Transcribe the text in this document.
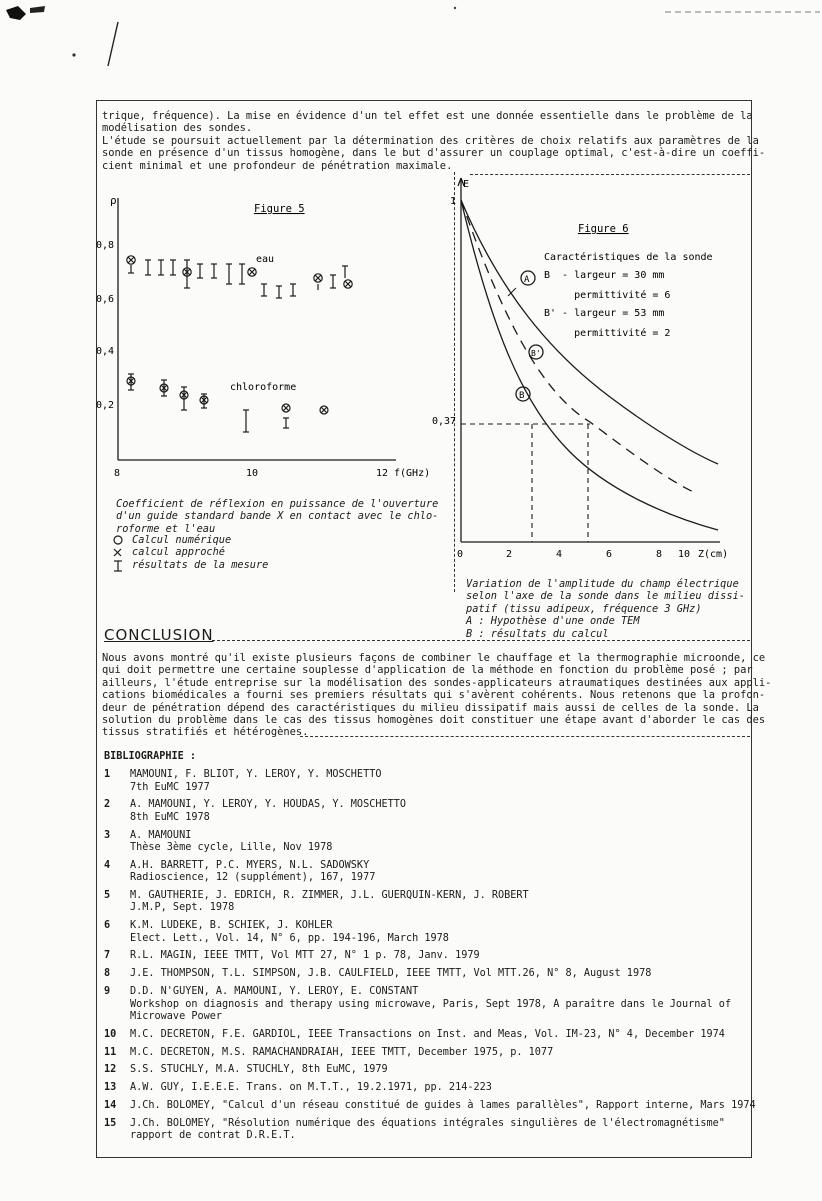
trique, fréquence). La mise en évidence d'un tel effet est une donnée essentielle dans le problème de la
modélisation des sondes.
L'étude se poursuit actuellement par la détermination des critères de choix relatifs aux paramètres de la
sonde en présence d'un tissus homogène, dans le but d'assurer un couplage optimal, c'est-à-dire un coeffi-
cient minimal et une profondeur de pénétration maximale.
ρ
0,8
0,6
0,4
0,2
8	10	12 f(GHz)
Figure 5
eau
chloroforme
Coefficient de réflexion en puissance de l'ouverture
d'un guide standard bande X en contact avec le chlo-
roforme et l'eau
Calcul numérique
calcul approché
résultats de la mesure
E
1
0,37
0	2	4	6	8 10 Z(cm)
Figure 6
Caractéristiques de la sonde
B  - largeur = 30 mm
permittivité = 6
B' - largeur = 53 mm
permittivité = 2
A
B'
B
Variation de l'amplitude du champ électrique
selon l'axe de la sonde dans le milieu dissi-
patif (tissu adipeux, fréquence 3 GHz)
A : Hypothèse d'une onde TEM
B : résultats du calcul
CONCLUSION
Nous avons montré qu'il existe plusieurs façons de combiner le chauffage et la thermographie microonde, ce
qui doit permettre une certaine souplesse d'application de la méthode en fonction du problème posé ; par
ailleurs, l'étude entreprise sur la modélisation des sondes-applicateurs atraumatiques destinées aux appli-
cations biomédicales a fourni ses premiers résultats qui s'avèrent cohérents. Nous retenons que la profon-
deur de pénétration dépend des caractéristiques du milieu dissipatif mais aussi de celles de la sonde. La
solution du problème dans le cas des tissus homogènes doit constituer une étape avant d'aborder le cas des
tissus stratifiés et hétérogènes.
BIBLIOGRAPHIE :
1 MAMOUNI, F. BLIOT, Y. LEROY, Y. MOSCHETTO
7th EuMC 1977
2 A. MAMOUNI, Y. LEROY, Y. HOUDAS, Y. MOSCHETTO
8th EuMC 1978
3 A. MAMOUNI
Thèse 3ème cycle, Lille, Nov 1978
4 A.H. BARRETT, P.C. MYERS, N.L. SADOWSKY
Radioscience, 12 (supplément), 167, 1977
5 M. GAUTHERIE, J. EDRICH, R. ZIMMER, J.L. GUERQUIN-KERN, J. ROBERT
J.M.P, Sept. 1978
6 K.M. LUDEKE, B. SCHIEK, J. KOHLER
Elect. Lett., Vol. 14, N° 6, pp. 194-196, March 1978
7 R.L. MAGIN, IEEE TMTT, Vol MTT 27, N° 1 p. 78, Janv. 1979
8 J.E. THOMPSON, T.L. SIMPSON, J.B. CAULFIELD, IEEE TMTT, Vol MTT.26, N° 8, August 1978
9 D.D. N'GUYEN, A. MAMOUNI, Y. LEROY, E. CONSTANT
Workshop on diagnosis and therapy using microwave, Paris, Sept 1978, A paraître dans le Journal of
Microwave Power
10 M.C. DECRETON, F.E. GARDIOL, IEEE Transactions on Inst. and Meas, Vol. IM-23, N° 4, December 1974
11 M.C. DECRETON, M.S. RAMACHANDRAIAH, IEEE TMTT, December 1975, p. 1077
12 S.S. STUCHLY, M.A. STUCHLY, 8th EuMC, 1979
13 A.W. GUY, I.E.E.E. Trans. on M.T.T., 19.2.1971, pp. 214-223
14 J.Ch. BOLOMEY, "Calcul d'un réseau constitué de guides à lames parallèles", Rapport interne, Mars 1974
15 J.Ch. BOLOMEY, "Résolution numérique des équations intégrales singulières de l'électromagnétisme"
rapport de contrat D.R.E.T.
